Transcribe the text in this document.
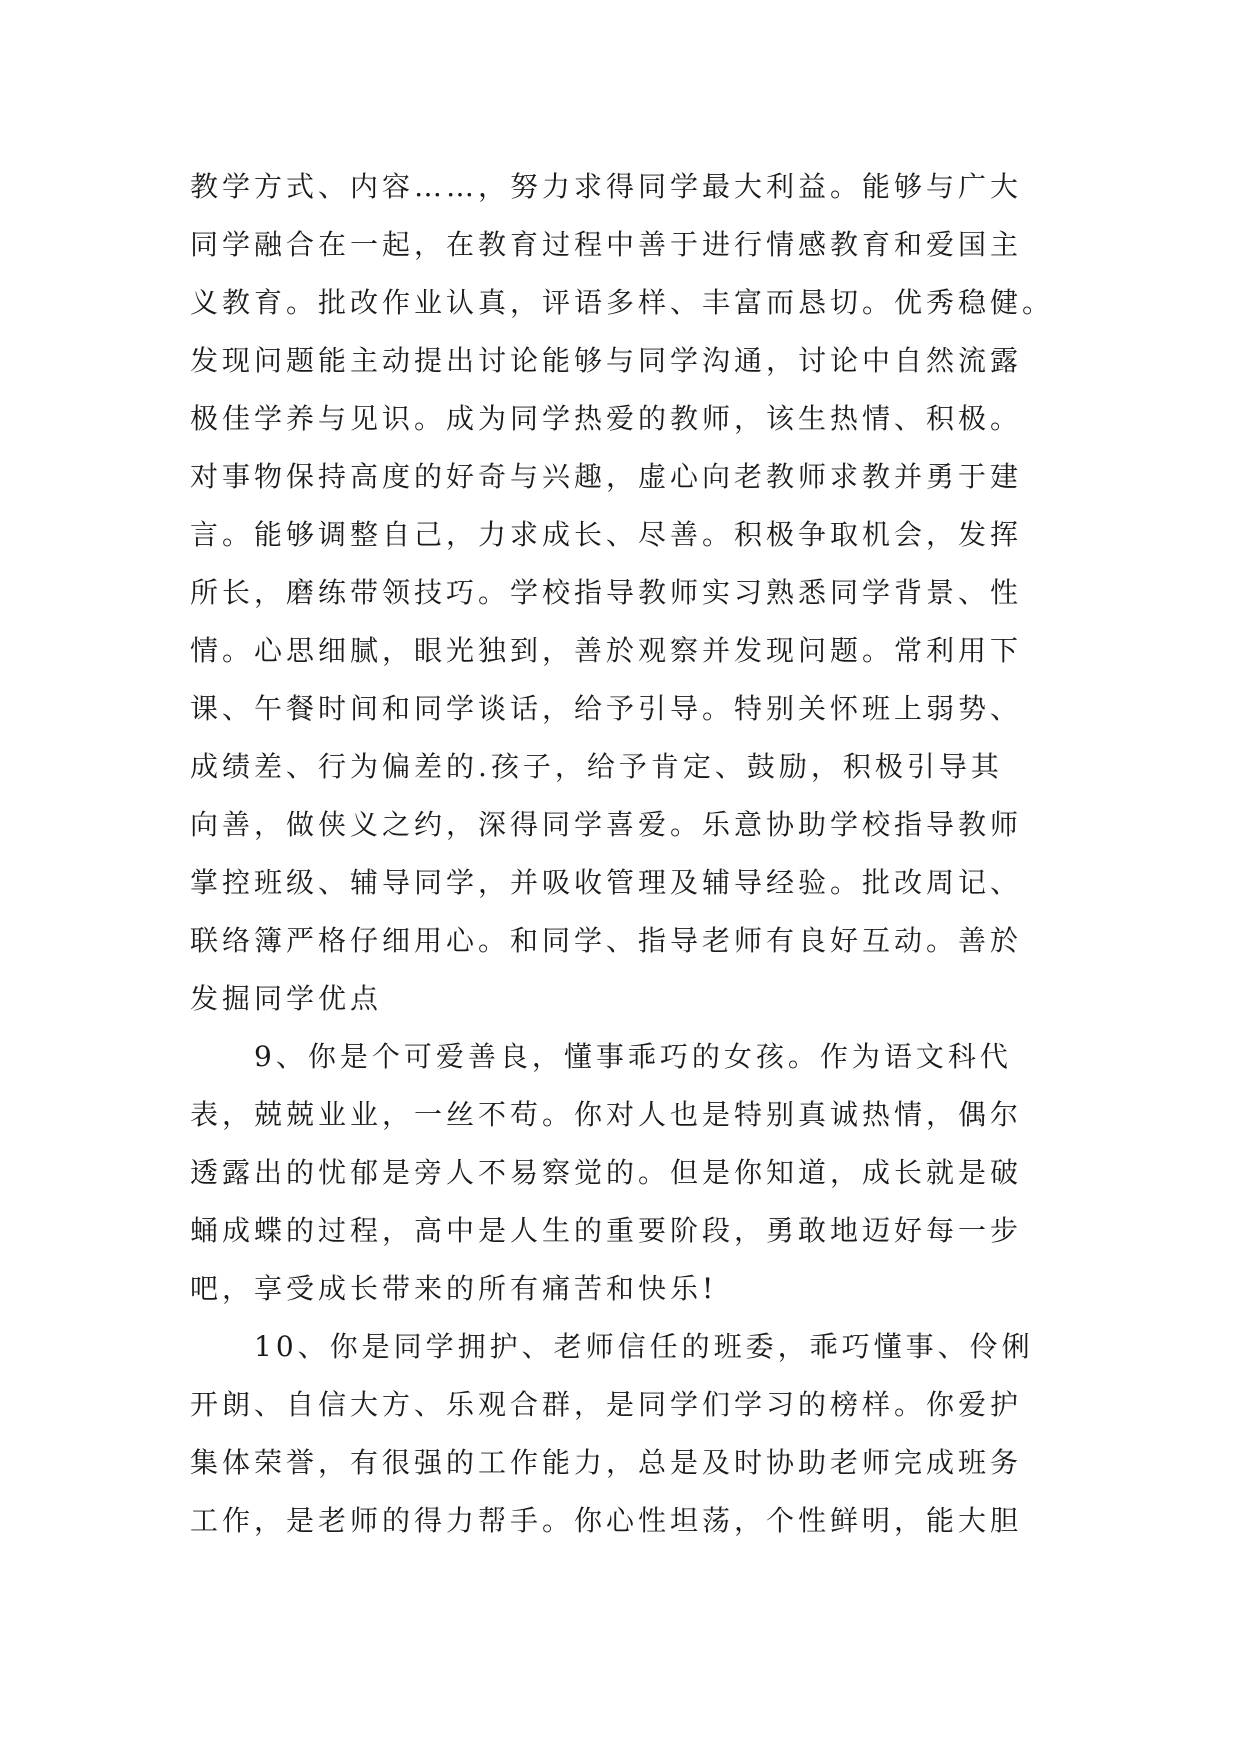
教学方式、内容……，努力求得同学最大利益。能够与广大
同学融合在一起，在教育过程中善于进行情感教育和爱国主
义教育。批改作业认真，评语多样、丰富而恳切。优秀稳健。
发现问题能主动提出讨论能够与同学沟通，讨论中自然流露
极佳学养与见识。成为同学热爱的教师，该生热情、积极。
对事物保持高度的好奇与兴趣，虚心向老教师求教并勇于建
言。能够调整自己，力求成长、尽善。积极争取机会，发挥
所长，磨练带领技巧。学校指导教师实习熟悉同学背景、性
情。心思细腻，眼光独到，善於观察并发现问题。常利用下
课、午餐时间和同学谈话，给予引导。特别关怀班上弱势、
成绩差、行为偏差的.孩子，给予肯定、鼓励，积极引导其
向善，做侠义之约，深得同学喜爱。乐意协助学校指导教师
掌控班级、辅导同学，并吸收管理及辅导经验。批改周记、
联络簿严格仔细用心。和同学、指导老师有良好互动。善於
发掘同学优点
　　9、你是个可爱善良，懂事乖巧的女孩。作为语文科代
表，兢兢业业，一丝不苟。你对人也是特别真诚热情，偶尔
透露出的忧郁是旁人不易察觉的。但是你知道，成长就是破
蛹成蝶的过程，高中是人生的重要阶段，勇敢地迈好每一步
吧，享受成长带来的所有痛苦和快乐!
　　10、你是同学拥护、老师信任的班委，乖巧懂事、伶俐
开朗、自信大方、乐观合群，是同学们学习的榜样。你爱护
集体荣誉，有很强的工作能力，总是及时协助老师完成班务
工作，是老师的得力帮手。你心性坦荡，个性鲜明，能大胆
